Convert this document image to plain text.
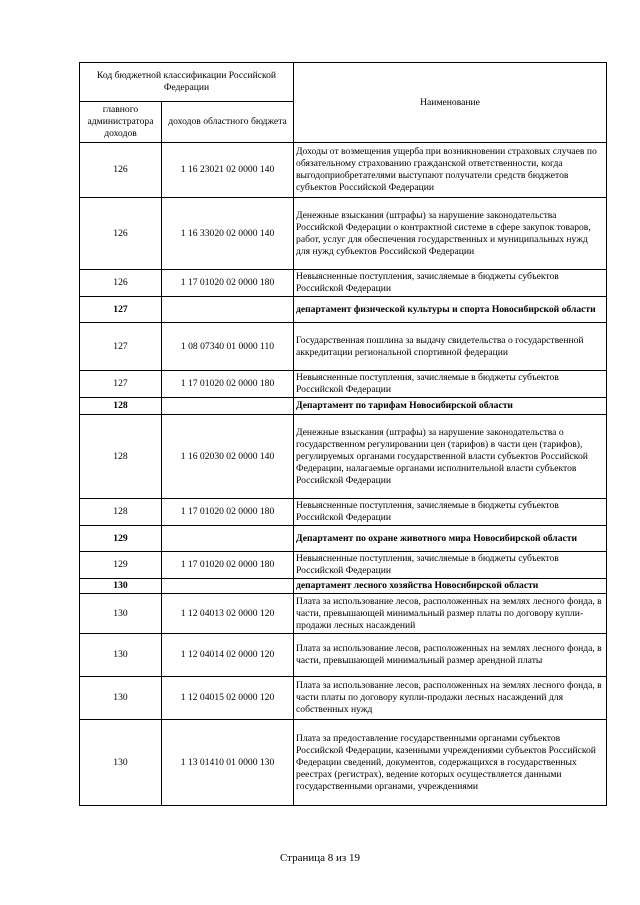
Код бюджетной классификации Российской Федерации		Наименование
главного администратора доходов	доходов областного бюджета	
126	1 16 23021 02 0000 140	Доходы от возмещения ущерба при возникновении страховых случаев по обязательному страхованию гражданской ответственности, когда выгодоприобретателями выступают получатели средств бюджетов субъектов Российской Федерации
126	1 16 33020 02 0000 140	Денежные взыскания (штрафы) за нарушение законодательства Российской Федерации о контрактной системе в сфере закупок товаров, работ, услуг для обеспечения государственных и муниципальных нужд для нужд субъектов Российской Федерации
126	1 17 01020 02 0000 180	Невыясненные поступления, зачисляемые в бюджеты субъектов Российской Федерации
127		департамент физической культуры и спорта Новосибирской области
127	1 08 07340 01 0000 110	Государственная пошлина за выдачу свидетельства о государственной аккредитации региональной спортивной федерации
127	1 17 01020 02 0000 180	Невыясненные поступления, зачисляемые в бюджеты субъектов Российской Федерации
128		Департамент по тарифам Новосибирской области
128	1 16 02030 02 0000 140	Денежные взыскания (штрафы) за нарушение законодательства о государственном регулировании цен (тарифов) в части цен (тарифов), регулируемых органами государственной власти субъектов Российской Федерации, налагаемые органами исполнительной власти субъектов Российской Федерации
128	1 17 01020 02 0000 180	Невыясненные поступления, зачисляемые в бюджеты субъектов Российской Федерации
129		Департамент по охране животного мира Новосибирской области
129	1 17 01020 02 0000 180	Невыясненные поступления, зачисляемые в бюджеты субъектов Российской Федерации
130		департамент лесного хозяйства Новосибирской области
130	1 12 04013 02 0000 120	Плата за использование лесов, расположенных на землях лесного фонда, в части, превышающей минимальный размер платы по договору купли-продажи лесных насаждений
130	1 12 04014 02 0000 120	Плата за использование лесов, расположенных на землях лесного фонда, в части, превышающей минимальный размер арендной платы
130	1 12 04015 02 0000 120	Плата за использование лесов, расположенных на землях лесного фонда, в части платы по договору купли-продажи лесных насаждений для собственных нужд
130	1 13 01410 01 0000 130	Плата за предоставление государственными органами субъектов Российской Федерации, казенными учреждениями субъектов Российской Федерации сведений, документов, содержащихся в государственных реестрах (регистрах), ведение которых осуществляется данными государственными органами, учреждениями
Страница 8 из 19
